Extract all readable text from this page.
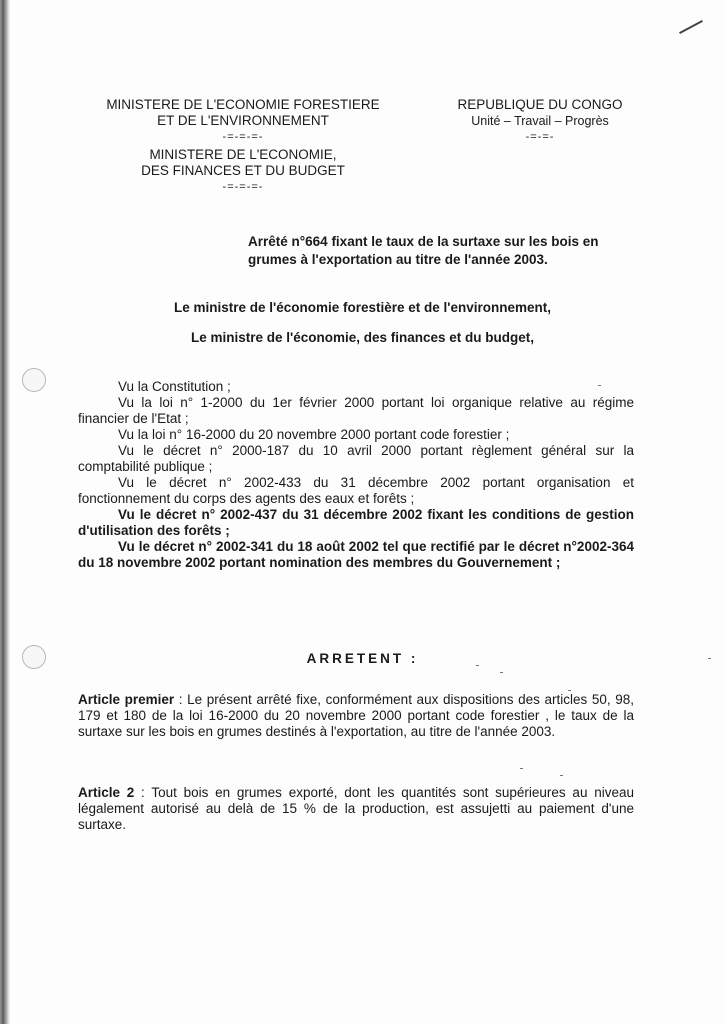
MINISTERE DE L'ECONOMIE FORESTIERE
ET DE L'ENVIRONNEMENT
-=-=-=-
MINISTERE DE L'ECONOMIE,
DES FINANCES ET DU BUDGET
-=-=-=-
REPUBLIQUE DU CONGO
Unité – Travail – Progrès
-=-=-
Arrêté n°664 fixant le taux de la surtaxe sur les bois en
grumes à l'exportation au titre de l'année 2003.
Le ministre de l'économie forestière et de l'environnement,
Le ministre de l'économie, des finances et du budget,

Vu la Constitution ;

Vu la loi n° 1-2000 du 1er février 2000 portant loi organique relative au régime financier de l'Etat ;

Vu la loi n° 16-2000 du 20 novembre 2000 portant code forestier ;

Vu le décret n° 2000-187 du 10 avril 2000 portant règlement général sur la comptabilité publique ;

Vu le décret n° 2002-433 du 31 décembre 2002 portant organisation et fonctionnement du corps des agents des eaux et forêts ;

Vu le décret n° 2002-437 du 31 décembre 2002 fixant les conditions de gestion d'utilisation des forêts ;

Vu le décret n° 2002-341 du 18 août 2002 tel que rectifié par le décret n°2002-364 du 18 novembre 2002 portant nomination des membres du Gouvernement ;

ARRETENT :
Article premier : Le présent arrêté fixe, conformément aux dispositions des articles 50, 98, 179 et 180 de la loi 16-2000 du 20 novembre 2000 portant code forestier , le taux de la surtaxe sur les bois en grumes destinés à l'exportation, au titre de l'année 2003.
Article 2 : Tout bois en grumes exporté, dont les quantités sont supérieures au niveau légalement autorisé au delà de 15 % de la production, est assujetti au paiement d'une surtaxe.
